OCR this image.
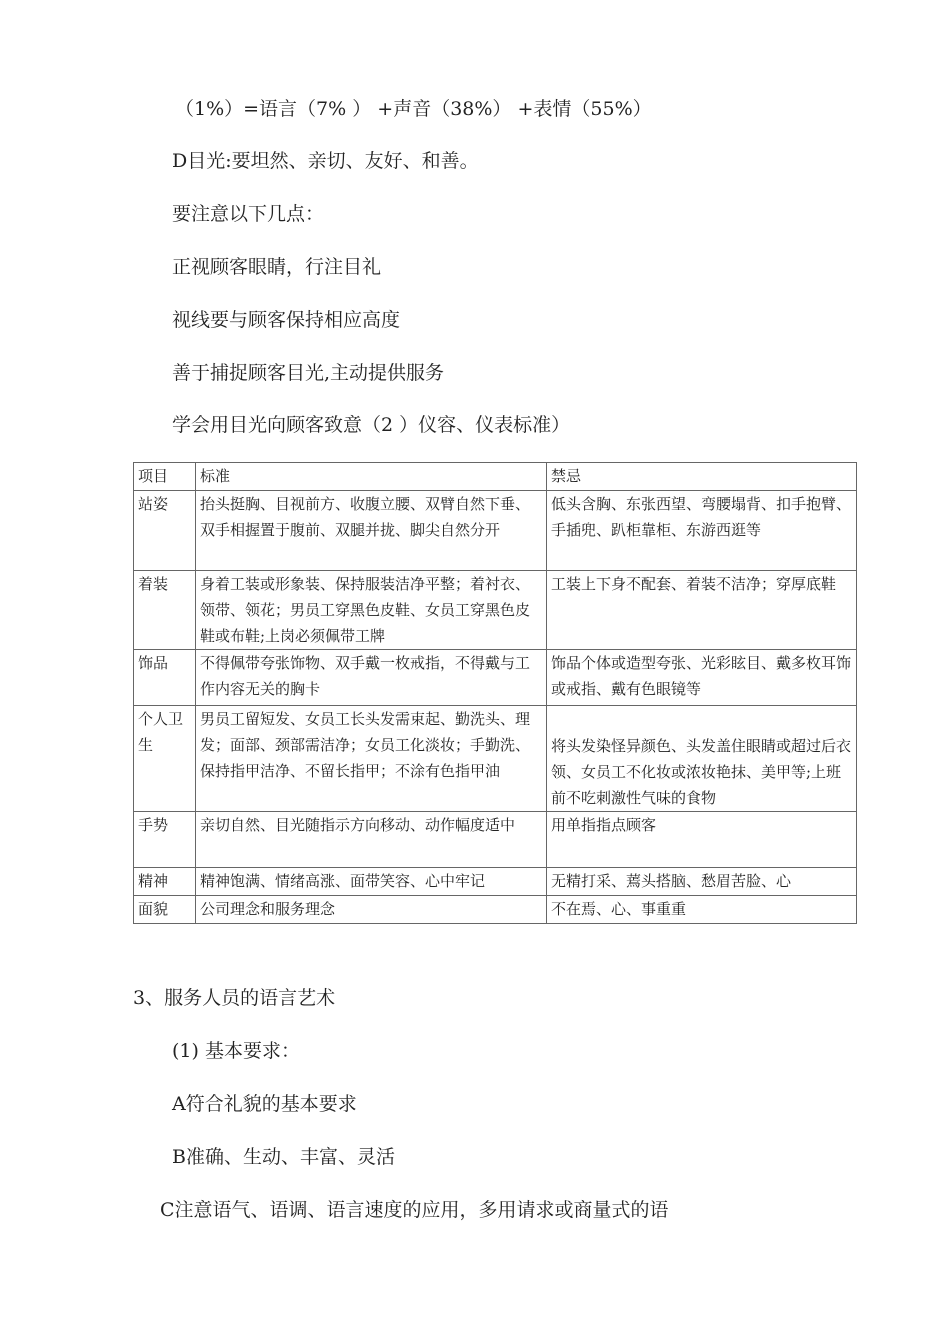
（1%）=语言（7% ） +声音（38%） +表情（55%）
D目光:要坦然、亲切、友好、和善。
要注意以下几点：
正视顾客眼睛，行注目礼
视线要与顾客保持相应高度
善于捕捉顾客目光,主动提供服务
学会用目光向顾客致意（2 ）仪容、仪表标准）
项目	标准	禁忌
站姿	抬头挺胸、目视前方、收腹立腰、双臂自然下垂、双手相握置于腹前、双腿并拢、脚尖自然分开	低头含胸、东张西望、弯腰塌背、扣手抱臂、手插兜、趴柜靠柜、东游西逛等
着装	身着工装或形象装、保持服装洁净平整；着衬衣、领带、领花；男员工穿黑色皮鞋、女员工穿黑色皮鞋或布鞋;上岗必须佩带工牌	工装上下身不配套、着装不洁净；穿厚底鞋
饰品	不得佩带夸张饰物、双手戴一枚戒指，不得戴与工作内容无关的胸卡	饰品个体或造型夸张、光彩眩目、戴多枚耳饰或戒指、戴有色眼镜等
个人卫生	男员工留短发、女员工长头发需束起、勤洗头、理发；面部、颈部需洁净；女员工化淡妆；手勤洗、保持指甲洁净、不留长指甲；不涂有色指甲油	将头发染怪异颜色、头发盖住眼睛或超过后衣领、女员工不化妆或浓妆艳抹、美甲等;上班前不吃刺激性气味的食物
手势	亲切自然、目光随指示方向移动、动作幅度适中	用单指指点顾客
精神	精神饱满、情绪高涨、面带笑容、心中牢记	无精打采、蔫头搭脑、愁眉苦脸、心
面貌	公司理念和服务理念	不在焉、心、事重重
3、服务人员的语言艺术
(1) 基本要求：
A符合礼貌的基本要求
B准确、生动、丰富、灵活
C注意语气、语调、语言速度的应用，多用请求或商量式的语
